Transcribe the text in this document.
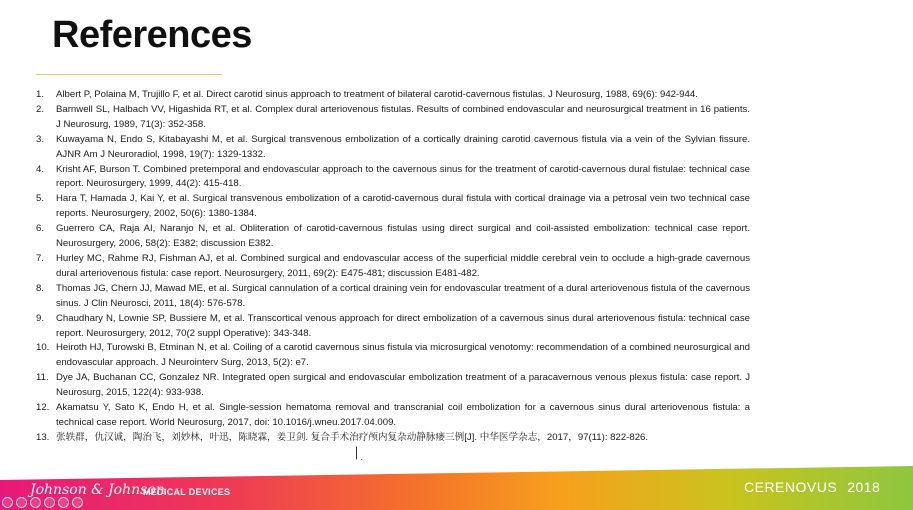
References
1.	Albert P, Polaina M, Trujillo F, et al. Direct carotid sinus approach to treatment of bilateral carotid-cavernous fistulas. J Neurosurg, 1988, 69(6): 942-944.
2.	Barnwell SL, Halbach VV, Higashida RT, et al. Complex dural arteriovenous fistulas. Results of combined endovascular and neurosurgical treatment in 16 patients. J Neurosurg, 1989, 71(3): 352-358.
3.	Kuwayama N, Endo S, Kitabayashi M, et al. Surgical transvenous embolization of a cortically draining carotid cavernous fistula via a vein of the Sylvian fissure. AJNR Am J Neuroradiol, 1998, 19(7): 1329-1332.
4.	Krisht AF, Burson T. Combined pretemporal and endovascular approach to the cavernous sinus for the treatment of carotid-cavernous dural fistulae: technical case report. Neurosurgery, 1999, 44(2): 415-418.
5.	Hara T, Hamada J, Kai Y, et al. Surgical transvenous embolization of a carotid-cavernous dural fistula with cortical drainage via a petrosal vein two technical case reports. Neurosurgery, 2002, 50(6): 1380-1384.
6.	Guerrero CA, Raja AI, Naranjo N, et al. Obliteration of carotid-cavernous fistulas using direct surgical and coil-assisted embolization: technical case report. Neurosurgery, 2006, 58(2): E382; discussion E382.
7.	Hurley MC, Rahme RJ, Fishman AJ, et al. Combined surgical and endovascular access of the superficial middle cerebral vein to occlude a high-grade cavernous dural arteriovenous fistula: case report. Neurosurgery, 2011, 69(2): E475-481; discussion E481-482.
8.	Thomas JG, Chern JJ, Mawad ME, et al. Surgical cannulation of a cortical draining vein for endovascular treatment of a dural arteriovenous fistula of the cavernous sinus. J Clin Neurosci, 2011, 18(4): 576-578.
9.	Chaudhary N, Lownie SP, Bussiere M, et al. Transcortical venous approach for direct embolization of a cavernous sinus dural arteriovenous fistula: technical case report. Neurosurgery, 2012, 70(2 suppl Operative): 343-348.
10. Heiroth HJ, Turowski B, Etminan N, et al. Coiling of a carotid cavernous sinus fistula via microsurgical venotomy: recommendation of a combined neurosurgical and endovascular approach. J Neurointerv Surg, 2013, 5(2): e7.
11. Dye JA, Buchanan CC, Gonzalez NR. Integrated open surgical and endovascular embolization treatment of a paracavernous venous plexus fistula: case report. J Neurosurg, 2015, 122(4): 933-938.
12. Akamatsu Y, Sato K, Endo H, et al. Single-session hematoma removal and transcranial coil embolization for a cavernous sinus dural arteriovenous fistula: a technical case report. World Neurosurg, 2017, doi: 10.1016/j.wneu.2017.04.009.
13. 张轶群，仇汉诚，陶治飞，刘妙林，叶迅，陈晓霖，姜卫剑. 复合手术治疗颅内复杂动静脉瘘三例[J]. 中华医学杂志，2017，97(11): 822-826.
Johnson & Johnson
MEDICAL DEVICES	CERENOVUS 2018
